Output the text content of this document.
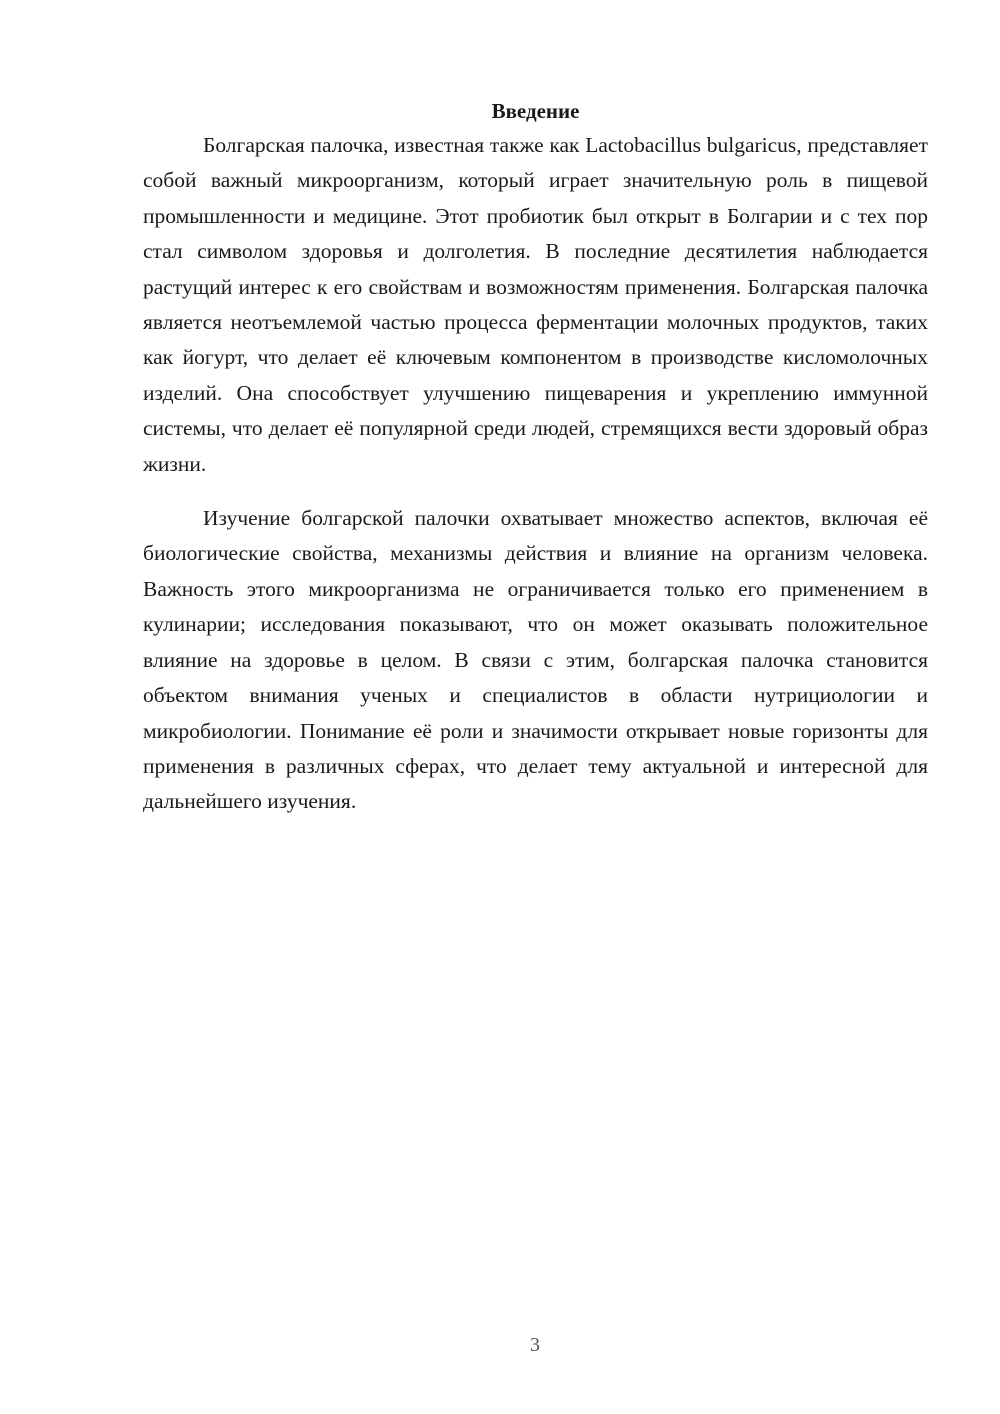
Введение

Болгарская палочка, известная также как Lactobacillus bulgaricus, представляет собой важный микроорганизм, который играет значительную роль в пищевой промышленности и медицине. Этот пробиотик был открыт в Болгарии и с тех пор стал символом здоровья и долголетия. В последние десятилетия наблюдается растущий интерес к его свойствам и возможностям применения. Болгарская палочка является неотъемлемой частью процесса ферментации молочных продуктов, таких как йогурт, что делает её ключевым компонентом в производстве кисломолочных изделий. Она способствует улучшению пищеварения и укреплению иммунной системы, что делает её популярной среди людей, стремящихся вести здоровый образ жизни.

Изучение болгарской палочки охватывает множество аспектов, включая её биологические свойства, механизмы действия и влияние на организм человека. Важность этого микроорганизма не ограничивается только его применением в кулинарии; исследования показывают, что он может оказывать положительное влияние на здоровье в целом. В связи с этим, болгарская палочка становится объектом внимания ученых и специалистов в области нутрициологии и микробиологии. Понимание её роли и значимости открывает новые горизонты для применения в различных сферах, что делает тему актуальной и интересной для дальнейшего изучения.

3
